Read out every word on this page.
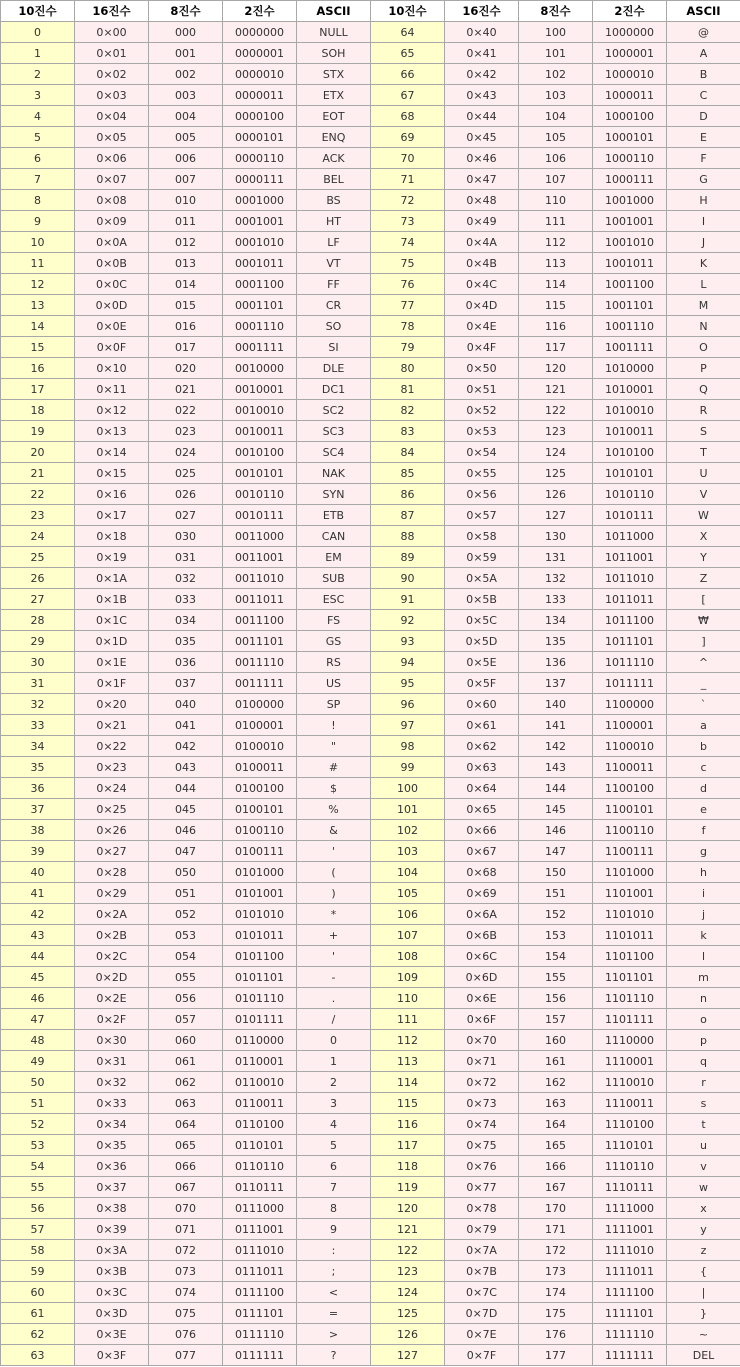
10진수	16진수	8진수	2진수	ASCII	10진수	16진수	8진수	2진수	ASCII
0	0×00	000	0000000	NULL	64	0×40	100	1000000	@
1	0×01	001	0000001	SOH	65	0×41	101	1000001	A
2	0×02	002	0000010	STX	66	0×42	102	1000010	B
3	0×03	003	0000011	ETX	67	0×43	103	1000011	C
4	0×04	004	0000100	EOT	68	0×44	104	1000100	D
5	0×05	005	0000101	ENQ	69	0×45	105	1000101	E
6	0×06	006	0000110	ACK	70	0×46	106	1000110	F
7	0×07	007	0000111	BEL	71	0×47	107	1000111	G
8	0×08	010	0001000	BS	72	0×48	110	1001000	H
9	0×09	011	0001001	HT	73	0×49	111	1001001	I
10	0×0A	012	0001010	LF	74	0×4A	112	1001010	J
11	0×0B	013	0001011	VT	75	0×4B	113	1001011	K
12	0×0C	014	0001100	FF	76	0×4C	114	1001100	L
13	0×0D	015	0001101	CR	77	0×4D	115	1001101	M
14	0×0E	016	0001110	SO	78	0×4E	116	1001110	N
15	0×0F	017	0001111	SI	79	0×4F	117	1001111	O
16	0×10	020	0010000	DLE	80	0×50	120	1010000	P
17	0×11	021	0010001	DC1	81	0×51	121	1010001	Q
18	0×12	022	0010010	SC2	82	0×52	122	1010010	R
19	0×13	023	0010011	SC3	83	0×53	123	1010011	S
20	0×14	024	0010100	SC4	84	0×54	124	1010100	T
21	0×15	025	0010101	NAK	85	0×55	125	1010101	U
22	0×16	026	0010110	SYN	86	0×56	126	1010110	V
23	0×17	027	0010111	ETB	87	0×57	127	1010111	W
24	0×18	030	0011000	CAN	88	0×58	130	1011000	X
25	0×19	031	0011001	EM	89	0×59	131	1011001	Y
26	0×1A	032	0011010	SUB	90	0×5A	132	1011010	Z
27	0×1B	033	0011011	ESC	91	0×5B	133	1011011	[
28	0×1C	034	0011100	FS	92	0×5C	134	1011100	₩
29	0×1D	035	0011101	GS	93	0×5D	135	1011101	]
30	0×1E	036	0011110	RS	94	0×5E	136	1011110	^
31	0×1F	037	0011111	US	95	0×5F	137	1011111	_
32	0×20	040	0100000	SP	96	0×60	140	1100000	`
33	0×21	041	0100001	!	97	0×61	141	1100001	a
34	0×22	042	0100010	"	98	0×62	142	1100010	b
35	0×23	043	0100011	#	99	0×63	143	1100011	c
36	0×24	044	0100100	$	100	0×64	144	1100100	d
37	0×25	045	0100101	%	101	0×65	145	1100101	e
38	0×26	046	0100110	&	102	0×66	146	1100110	f
39	0×27	047	0100111	'	103	0×67	147	1100111	g
40	0×28	050	0101000	(	104	0×68	150	1101000	h
41	0×29	051	0101001	)	105	0×69	151	1101001	i
42	0×2A	052	0101010	*	106	0×6A	152	1101010	j
43	0×2B	053	0101011	+	107	0×6B	153	1101011	k
44	0×2C	054	0101100	'	108	0×6C	154	1101100	l
45	0×2D	055	0101101	-	109	0×6D	155	1101101	m
46	0×2E	056	0101110	.	110	0×6E	156	1101110	n
47	0×2F	057	0101111	/	111	0×6F	157	1101111	o
48	0×30	060	0110000	0	112	0×70	160	1110000	p
49	0×31	061	0110001	1	113	0×71	161	1110001	q
50	0×32	062	0110010	2	114	0×72	162	1110010	r
51	0×33	063	0110011	3	115	0×73	163	1110011	s
52	0×34	064	0110100	4	116	0×74	164	1110100	t
53	0×35	065	0110101	5	117	0×75	165	1110101	u
54	0×36	066	0110110	6	118	0×76	166	1110110	v
55	0×37	067	0110111	7	119	0×77	167	1110111	w
56	0×38	070	0111000	8	120	0×78	170	1111000	x
57	0×39	071	0111001	9	121	0×79	171	1111001	y
58	0×3A	072	0111010	:	122	0×7A	172	1111010	z
59	0×3B	073	0111011	;	123	0×7B	173	1111011	{
60	0×3C	074	0111100	<	124	0×7C	174	1111100	|
61	0×3D	075	0111101	=	125	0×7D	175	1111101	}
62	0×3E	076	0111110	>	126	0×7E	176	1111110	~
63	0×3F	077	0111111	?	127	0×7F	177	1111111	DEL
